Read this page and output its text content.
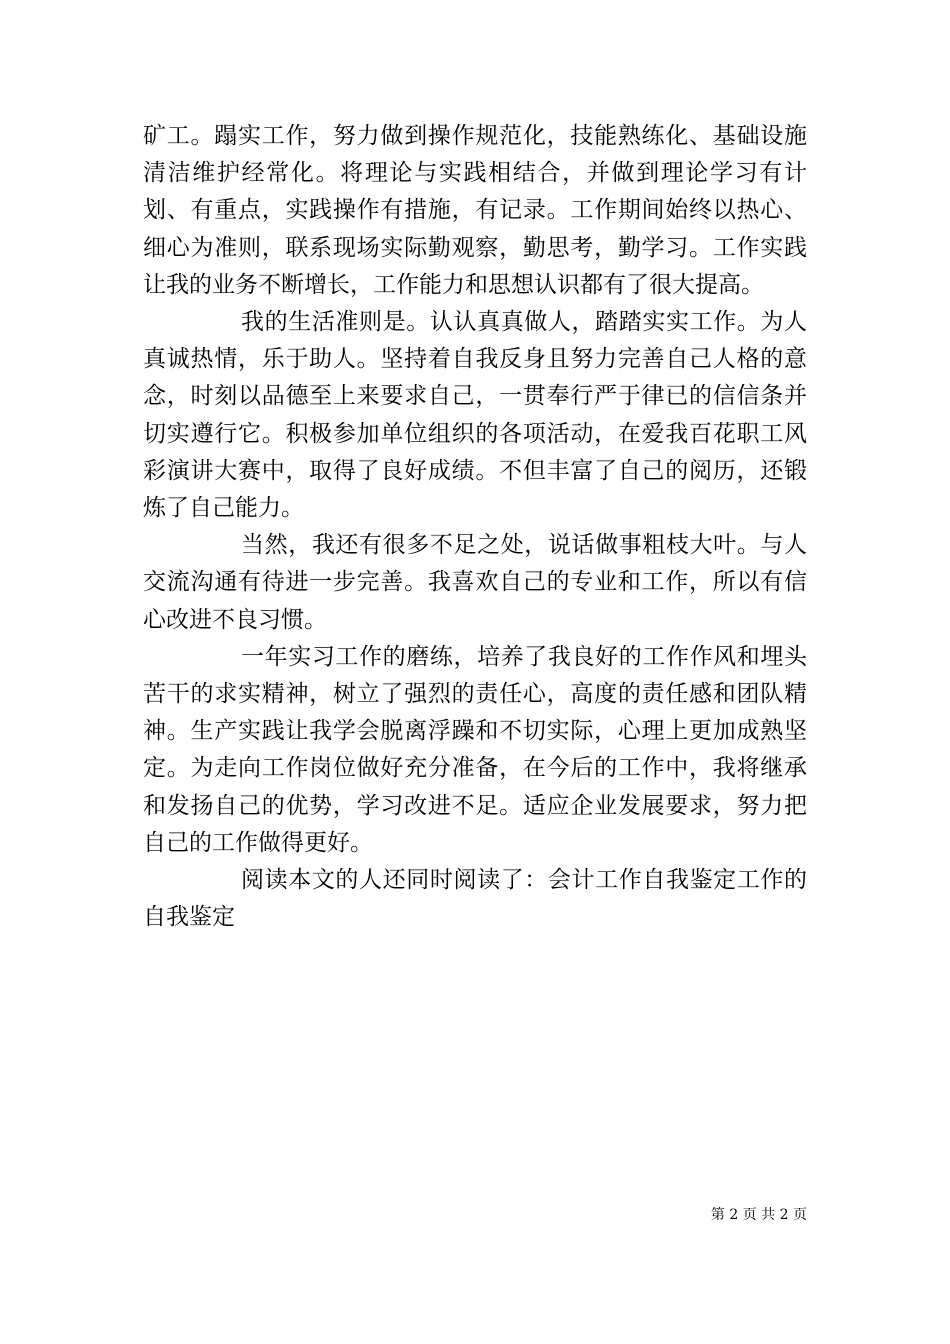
矿工。蹋实工作，努力做到操作规范化，技能熟练化、基础设施清洁维护经常化。将理论与实践相结合，并做到理论学习有计划、有重点，实践操作有措施，有记录。工作期间始终以热心、细心为准则，联系现场实际勤观察，勤思考，勤学习。工作实践让我的业务不断增长，工作能力和思想认识都有了很大提高。

我的生活准则是。认认真真做人，踏踏实实工作。为人真诚热情，乐于助人。坚持着自我反身且努力完善自己人格的意念，时刻以品德至上来要求自己，一贯奉行严于律已的信信条并切实遵行它。积极参加单位组织的各项活动，在爱我百花职工风彩演讲大赛中，取得了良好成绩。不但丰富了自己的阅历，还锻炼了自己能力。

当然，我还有很多不足之处，说话做事粗枝大叶。与人交流沟通有待进一步完善。我喜欢自己的专业和工作，所以有信心改进不良习惯。

一年实习工作的磨练，培养了我良好的工作作风和埋头苦干的求实精神，树立了强烈的责任心，高度的责任感和团队精神。生产实践让我学会脱离浮躁和不切实际，心理上更加成熟坚定。为走向工作岗位做好充分准备，在今后的工作中，我将继承和发扬自己的优势，学习改进不足。适应企业发展要求，努力把自己的工作做得更好。

阅读本文的人还同时阅读了：会计工作自我鉴定工作的自我鉴定

第 2 页 共 2 页
